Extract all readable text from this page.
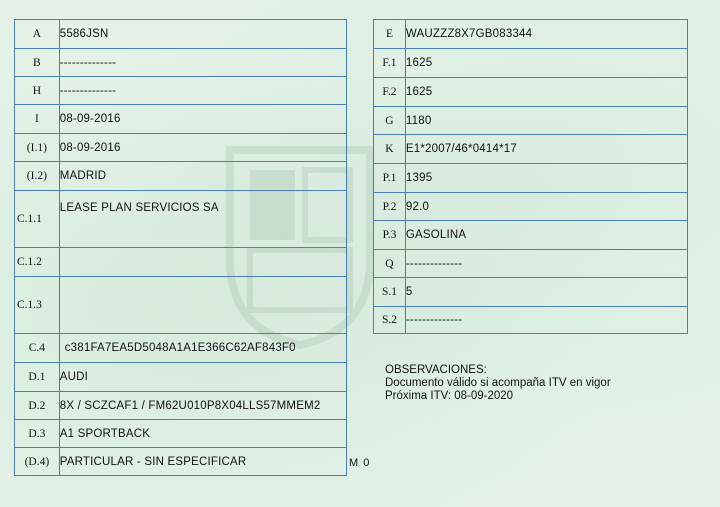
A	5586JSN
B	--------------
H	--------------
I	08-09-2016
(I.1)	08-09-2016
(I.2)	MADRID
C.1.1	LEASE PLAN SERVICIOS SA
C.1.2	
C.1.3	
C.4	c381FA7EA5D5048A1A1E366C62AF843F0
D.1	AUDI
D.2	8X / SCZCAF1 / FM62U010P8X04LLS57MMEM2
D.3	A1 SPORTBACK
(D.4)	PARTICULAR - SIN ESPECIFICAR
E	WAUZZZ8X7GB083344
F.1	1625
F.2	1625
G	1180
K	E1*2007/46*0414*17
P.1	1395
P.2	92.0
P.3	GASOLINA
Q	--------------
S.1	5
S.2	--------------
OBSERVACIONES:
Documento válido si acompaña ITV en vigor
Próxima ITV: 08-09-2020
M 0
